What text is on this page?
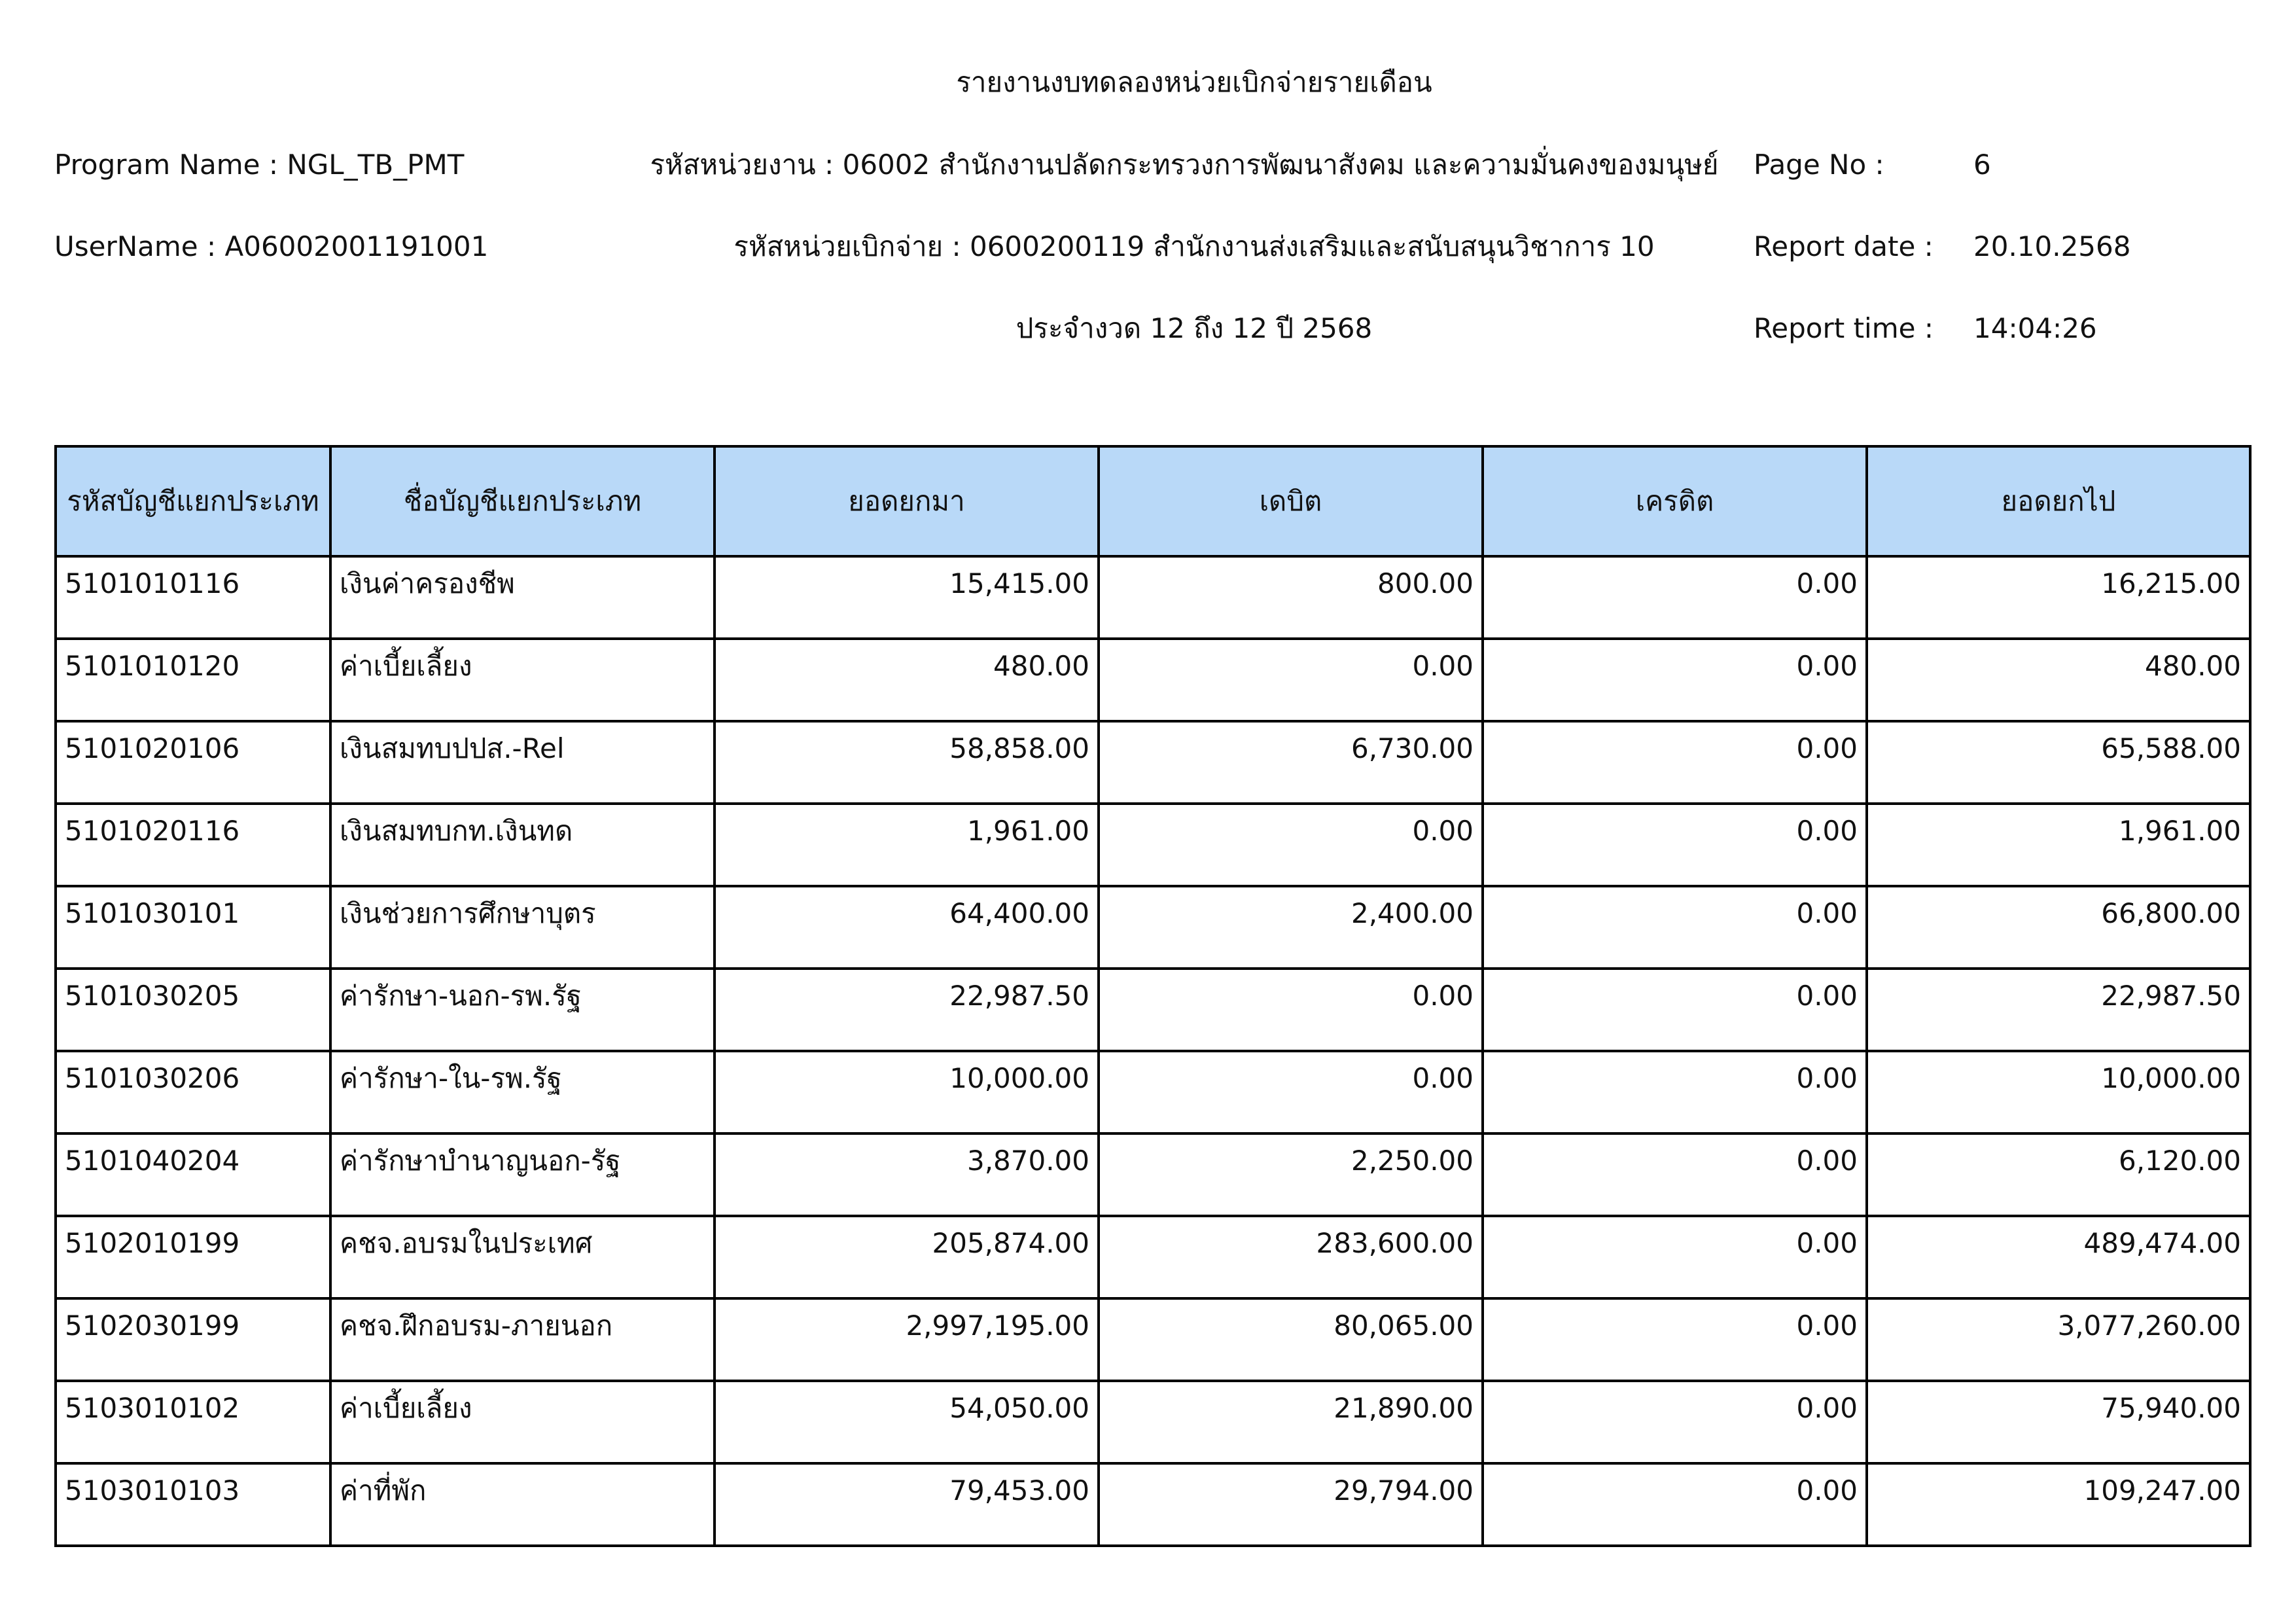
รายงานงบทดลองหน่วยเบิกจ่ายรายเดือน
Program Name : NGL_TB_PMT	รหัสหน่วยงาน : 06002 สำนักงานปลัดกระทรวงการพัฒนาสังคม และความมั่นคงของมนุษย์	Page No :	6
UserName : A06002001191001	รหัสหน่วยเบิกจ่าย : 0600200119 สำนักงานส่งเสริมและสนับสนุนวิชาการ 10	Report date : 20.10.2568
ประจำงวด 12 ถึง 12 ปี 2568	Report time : 14:04:26
รหัสบัญชีแยกประเภท	ชื่อบัญชีแยกประเภท	ยอดยกมา	เดบิต	เครดิต	ยอดยกไป
5101010116	เงินค่าครองชีพ	15,415.00	800.00	0.00	16,215.00
5101010120	ค่าเบี้ยเลี้ยง	480.00	0.00	0.00	480.00
5101020106	เงินสมทบปปส.-Rel	58,858.00	6,730.00	0.00	65,588.00
5101020116	เงินสมทบกท.เงินทด	1,961.00	0.00	0.00	1,961.00
5101030101	เงินช่วยการศึกษาบุตร	64,400.00	2,400.00	0.00	66,800.00
5101030205	ค่ารักษา-นอก-รพ.รัฐ	22,987.50	0.00	0.00	22,987.50
5101030206	ค่ารักษา-ใน-รพ.รัฐ	10,000.00	0.00	0.00	10,000.00
5101040204	ค่ารักษาบำนาญนอก-รัฐ	3,870.00	2,250.00	0.00	6,120.00
5102010199	คชจ.อบรมในประเทศ	205,874.00	283,600.00	0.00	489,474.00
5102030199	คชจ.ฝึกอบรม-ภายนอก	2,997,195.00	80,065.00	0.00	3,077,260.00
5103010102	ค่าเบี้ยเลี้ยง	54,050.00	21,890.00	0.00	75,940.00
5103010103	ค่าที่พัก	79,453.00	29,794.00	0.00	109,247.00
